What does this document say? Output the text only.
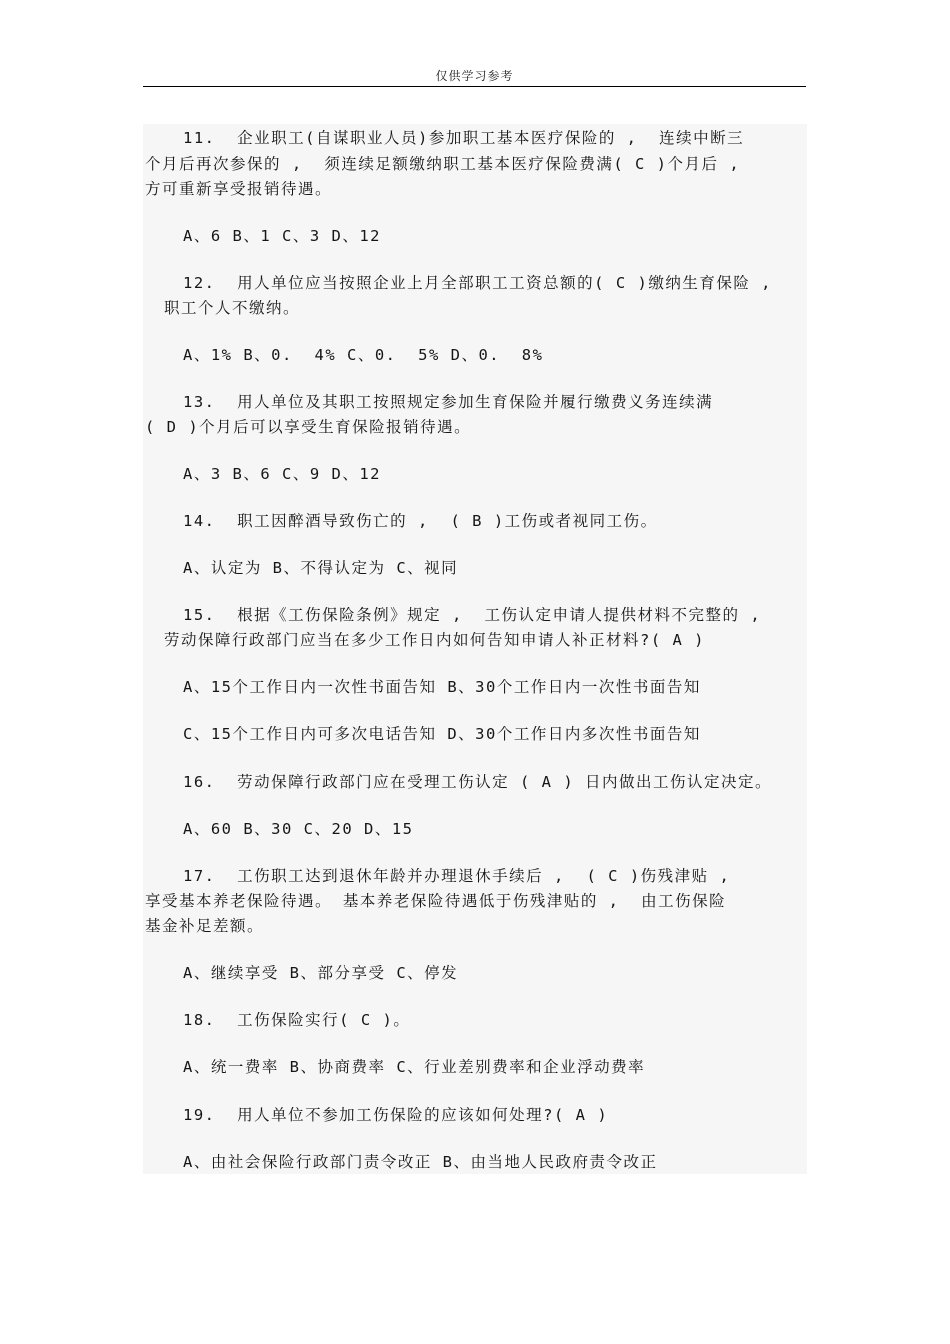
仅供学习参考
11.  企业职工(自谋职业人员)参加职工基本医疗保险的 ,  连续中断三
个月后再次参保的 ,  须连续足额缴纳职工基本医疗保险费满( C )个月后 ,
方可重新享受报销待遇。
A、6 B、1 C、3 D、12
12.  用人单位应当按照企业上月全部职工工资总额的( C )缴纳生育保险 ,
职工个人不缴纳。
A、1% B、0.  4% C、0.  5% D、0.  8%
13.  用人单位及其职工按照规定参加生育保险并履行缴费义务连续满
( D )个月后可以享受生育保险报销待遇。
A、3 B、6 C、9 D、12
14.  职工因醉酒导致伤亡的 ,  ( B )工伤或者视同工伤。
A、认定为 B、不得认定为 C、视同
15.  根据《工伤保险条例》规定 ,  工伤认定申请人提供材料不完整的 ,
劳动保障行政部门应当在多少工作日内如何告知申请人补正材料?( A )
A、15个工作日内一次性书面告知 B、30个工作日内一次性书面告知
C、15个工作日内可多次电话告知 D、30个工作日内多次性书面告知
16.  劳动保障行政部门应在受理工伤认定 ( A ) 日内做出工伤认定决定。
A、60 B、30 C、20 D、15
17.  工伤职工达到退休年龄并办理退休手续后 ,  ( C )伤残津贴 ,
享受基本养老保险待遇。 基本养老保险待遇低于伤残津贴的 ,  由工伤保险
基金补足差额。
A、继续享受 B、部分享受 C、停发
18.  工伤保险实行( C )。
A、统一费率 B、协商费率 C、行业差别费率和企业浮动费率
19.  用人单位不参加工伤保险的应该如何处理?( A )
A、由社会保险行政部门责令改正 B、由当地人民政府责令改正
